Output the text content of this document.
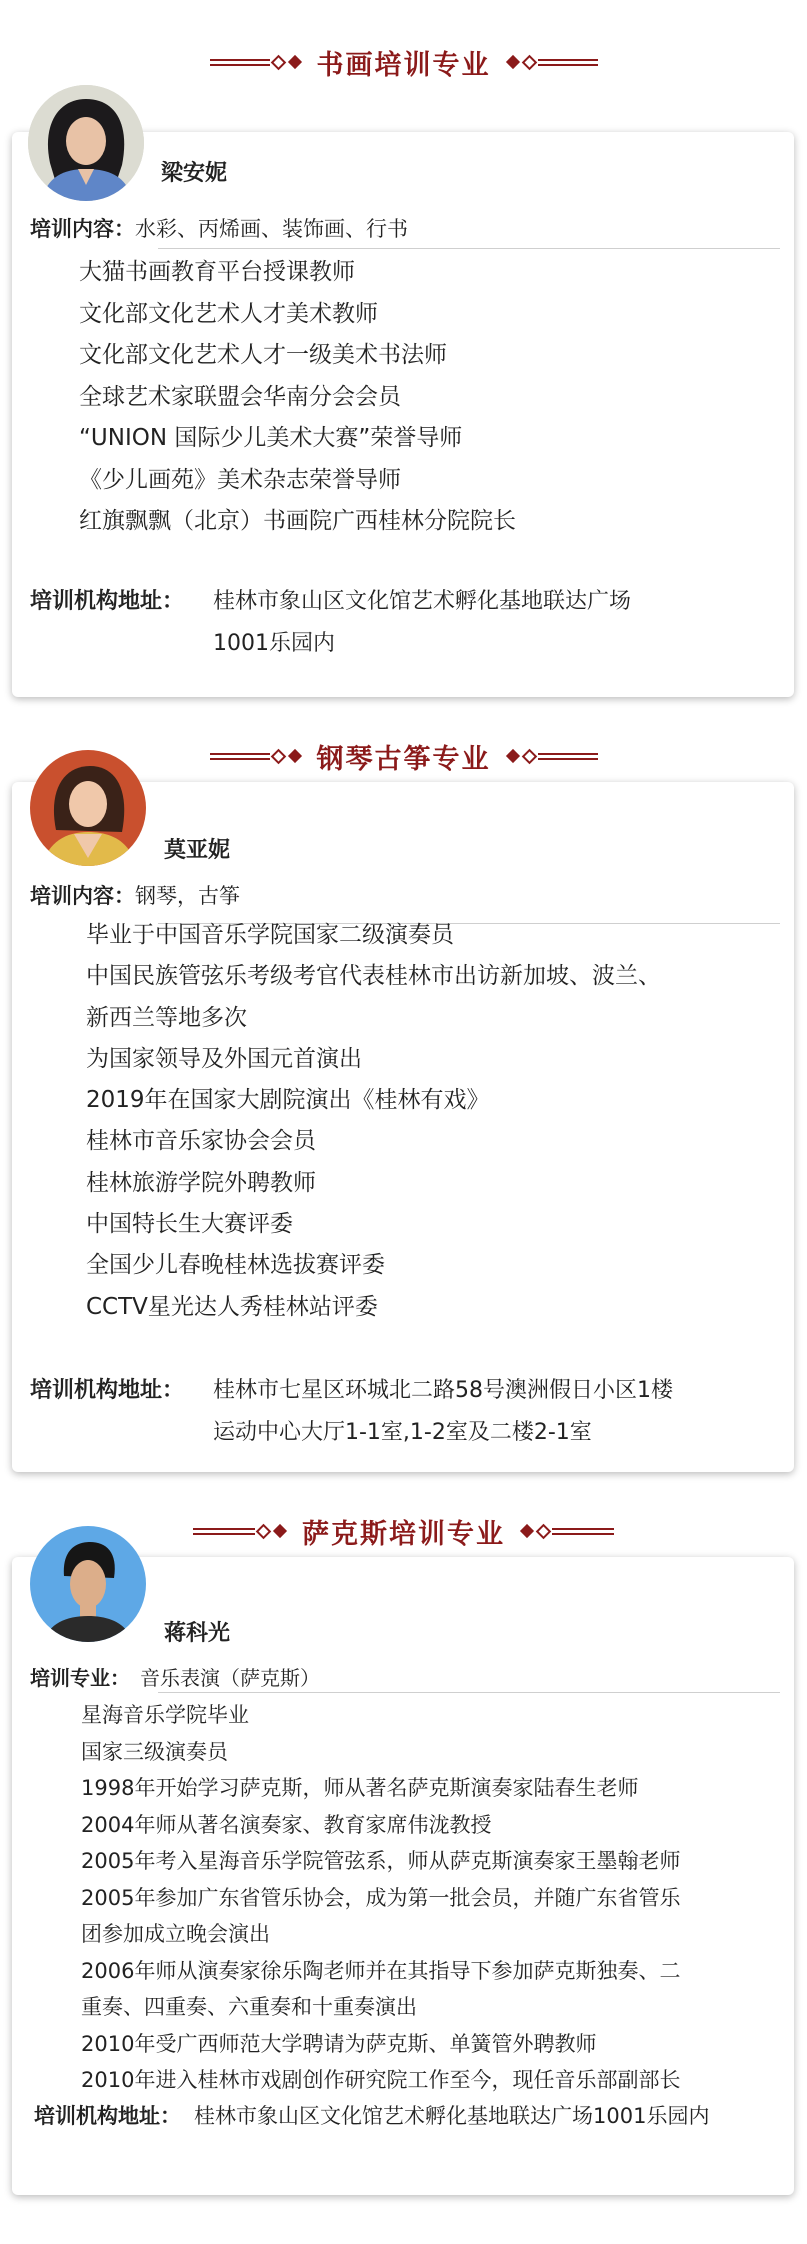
书画培训专业
梁安妮
培训内容：水彩、丙烯画、装饰画、行书
大猫书画教育平台授课教师
文化部文化艺术人才美术教师
文化部文化艺术人才一级美术书法师
全球艺术家联盟会华南分会会员
“UNION 国际少儿美术大赛”荣誉导师
《少儿画苑》美术杂志荣誉导师
红旗飘飘（北京）书画院广西桂林分院院长
培训机构地址： 桂林市象山区文化馆艺术孵化基地联达广场
1001乐园内
钢琴古筝专业
莫亚妮
培训内容：钢琴，古筝
毕业于中国音乐学院国家二级演奏员
中国民族管弦乐考级考官代表桂林市出访新加坡、波兰、
新西兰等地多次
为国家领导及外国元首演出
2019年在国家大剧院演出《桂林有戏》
桂林市音乐家协会会员
桂林旅游学院外聘教师
中国特长生大赛评委
全国少儿春晚桂林选拔赛评委
CCTV星光达人秀桂林站评委
培训机构地址： 桂林市七星区环城北二路58号澳洲假日小区1楼
运动中心大厅1-1室,1-2室及二楼2-1室
萨克斯培训专业
蒋科光
培训专业： 音乐表演（萨克斯）
星海音乐学院毕业
国家三级演奏员
1998年开始学习萨克斯，师从著名萨克斯演奏家陆春生老师
2004年师从著名演奏家、教育家席伟泷教授
2005年考入星海音乐学院管弦系，师从萨克斯演奏家王墨翰老师
2005年参加广东省管乐协会，成为第一批会员，并随广东省管乐
团参加成立晚会演出
2006年师从演奏家徐乐陶老师并在其指导下参加萨克斯独奏、二
重奏、四重奏、六重奏和十重奏演出
2010年受广西师范大学聘请为萨克斯、单簧管外聘教师
2010年进入桂林市戏剧创作研究院工作至今，现任音乐部副部长
培训机构地址： 桂林市象山区文化馆艺术孵化基地联达广场1001乐园内
